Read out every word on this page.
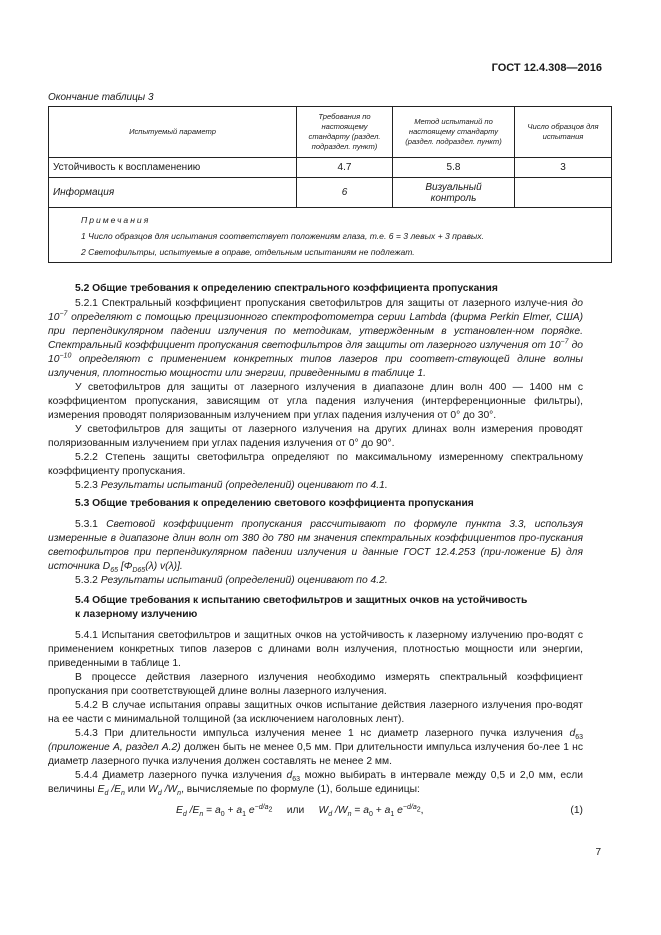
ГОСТ 12.4.308—2016
Окончание таблицы 3
Испытуемый параметр	Требования по настоящему стандарту (раздел. подраздел. пункт)	Метод испытаний по настоящему стандарту (раздел. подраздел. пункт)	Число образцов для испытания
Устойчивость к воспламенению	4.7	5.8	3
Информация	6	Визуальный контроль	

Примечания
1 Число образцов для испытания соответствует положениям глаза, т.е. 6 = 3 левых + 3 правых.
2 Светофильтры, испытуемые в оправе, отдельным испытаниям не подлежат.			
5.2 Общие требования к определению спектрального коэффициента пропускания

5.2.1 Спектральный коэффициент пропускания светофильтров для защиты от лазерного излуче-ния до $10^{-7}$ определяют с помощью прецизионного спектрофотометра серии Lambda (фирма Perkin Elmer, США) при перпендикулярном падении излучения по методикам, утвержденным в установлен-ном порядке. Спектральный коэффициент пропускания светофильтров для защиты от лазерного излучения от $10^{-7}$ до $10^{-10}$ определяют с применением конкретных типов лазеров при соответ-ствующей длине волны излучения, плотностью мощности или энергии, приведенными в таблице 1.

У светофильтров для защиты от лазерного излучения в диапазоне длин волн 400 — 1400 нм с коэффициентом пропускания, зависящим от угла падения излучения (интерференционные фильтры), измерения проводят поляризованным излучением при углах падения излучения от 0° до 30°.

У светофильтров для защиты от лазерного излучения на других длинах волн измерения проводят поляризованным излучением при углах падения излучения от 0° до 90°.

5.2.2 Степень защиты светофильтра определяют по максимальному измеренному спектральному коэффициенту пропускания.

5.2.3 Результаты испытаний (определений) оценивают по 4.1.

5.3 Общие требования к определению светового коэффициента пропускания

5.3.1 Световой коэффициент пропускания рассчитывают по формуле пункта 3.3, используя измеренные в диапазоне длин волн от 380 до 780 нм значения спектральных коэффициентов про-пускания светофильтров при перпендикулярном падении излучения и данные ГОСТ 12.4.253 (при-ложение Б) для источника $D_{65}$ [$\Phi_{D65}(\lambda)$ v(λ)].

5.3.2 Результаты испытаний (определений) оценивают по 4.2.

5.4 Общие требования к испытанию светофильтров и защитных очков на устойчивость
к лазерному излучению

5.4.1 Испытания светофильтров и защитных очков на устойчивость к лазерному излучению про-водят с применением конкретных типов лазеров с длинами волн излучения, плотностью мощности или энергии, приведенными в таблице 1.

В процессе действия лазерного излучения необходимо измерять спектральный коэффициент пропускания при соответствующей длине волны лазерного излучения.

5.4.2 В случае испытания оправы защитных очков испытание действия лазерного излучения про-водят на ее части с минимальной толщиной (за исключением наголовных лент).

5.4.3 При длительности импульса излучения менее 1 нс диаметр лазерного пучка излучения $d_{63}$ (приложение А, раздел А.2) должен быть не менее 0,5 мм. При длительности импульса излучения бо-лее 1 нс диаметр лазерного пучка излучения должен составлять не менее 2 мм.

5.4.4 Диаметр лазерного пучка излучения $d_{63}$ можно выбирать в интервале между 0,5 и 2,0 мм, если величины $E_d$ $/E_n$ или $W_d$ $/W_n$, вычисляемые по формуле (1), больше единицы:

$E_d$ $/E_n = a_0 + a_1$ $e^{-d/a_2}$ или     $W_d$ $/W_n = a_0 + a_1$ $e^{-d/a_2}$,	(1)
7
